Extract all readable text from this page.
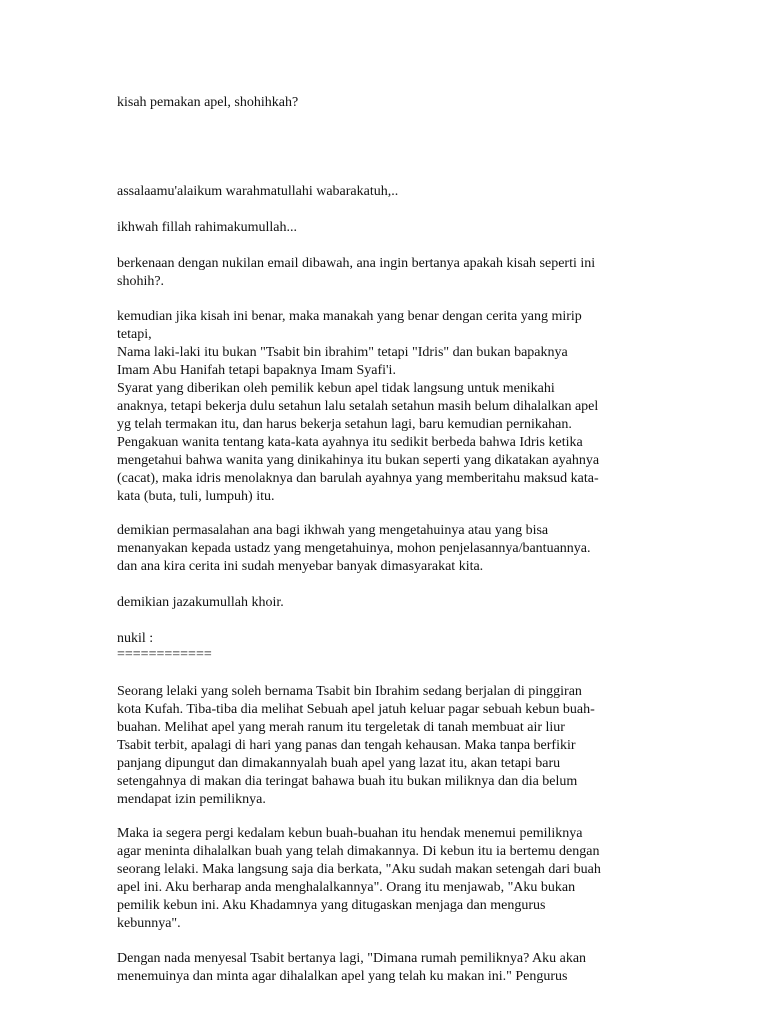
kisah pemakan apel, shohihkah?
assalaamu'alaikum warahmatullahi wabarakatuh,..
ikhwah fillah rahimakumullah...
berkenaan dengan nukilan email dibawah, ana ingin bertanya apakah kisah seperti ini
shohih?.
kemudian jika kisah ini benar, maka manakah yang benar dengan cerita yang mirip
tetapi,
Nama laki-laki itu bukan "Tsabit bin ibrahim" tetapi "Idris" dan bukan bapaknya
Imam Abu Hanifah tetapi bapaknya Imam Syafi'i.
Syarat yang diberikan oleh pemilik kebun apel tidak langsung untuk menikahi
anaknya, tetapi bekerja dulu setahun lalu setalah setahun masih belum dihalalkan apel
yg telah termakan itu, dan harus bekerja setahun lagi, baru kemudian pernikahan.
Pengakuan wanita tentang kata-kata ayahnya itu sedikit berbeda bahwa Idris ketika
mengetahui bahwa wanita yang dinikahinya itu bukan seperti yang dikatakan ayahnya
(cacat), maka idris menolaknya dan barulah ayahnya yang memberitahu maksud kata-
kata (buta, tuli, lumpuh) itu.
demikian permasalahan ana bagi ikhwah yang mengetahuinya atau yang bisa
menanyakan kepada ustadz yang mengetahuinya, mohon penjelasannya/bantuannya.
dan ana kira cerita ini sudah menyebar banyak dimasyarakat kita.
demikian jazakumullah khoir.
nukil :
============
Seorang lelaki yang soleh bernama Tsabit bin Ibrahim sedang berjalan di pinggiran
kota Kufah. Tiba-tiba dia melihat Sebuah apel jatuh keluar pagar sebuah kebun buah-
buahan. Melihat apel yang merah ranum itu tergeletak di tanah membuat air liur
Tsabit terbit, apalagi di hari yang panas dan tengah kehausan. Maka tanpa berfikir
panjang dipungut dan dimakannyalah buah apel yang lazat itu, akan tetapi baru
setengahnya di makan dia teringat bahawa buah itu bukan miliknya dan dia belum
mendapat izin pemiliknya.
Maka ia segera pergi kedalam kebun buah-buahan itu hendak menemui pemiliknya
agar meninta dihalalkan buah yang telah dimakannya. Di kebun itu ia bertemu dengan
seorang lelaki. Maka langsung saja dia berkata, "Aku sudah makan setengah dari buah
apel ini. Aku berharap anda menghalalkannya". Orang itu menjawab, "Aku bukan
pemilik kebun ini. Aku Khadamnya yang ditugaskan menjaga dan mengurus
kebunnya".
Dengan nada menyesal Tsabit bertanya lagi, "Dimana rumah pemiliknya? Aku akan
menemuinya dan minta agar dihalalkan apel yang telah ku makan ini." Pengurus
